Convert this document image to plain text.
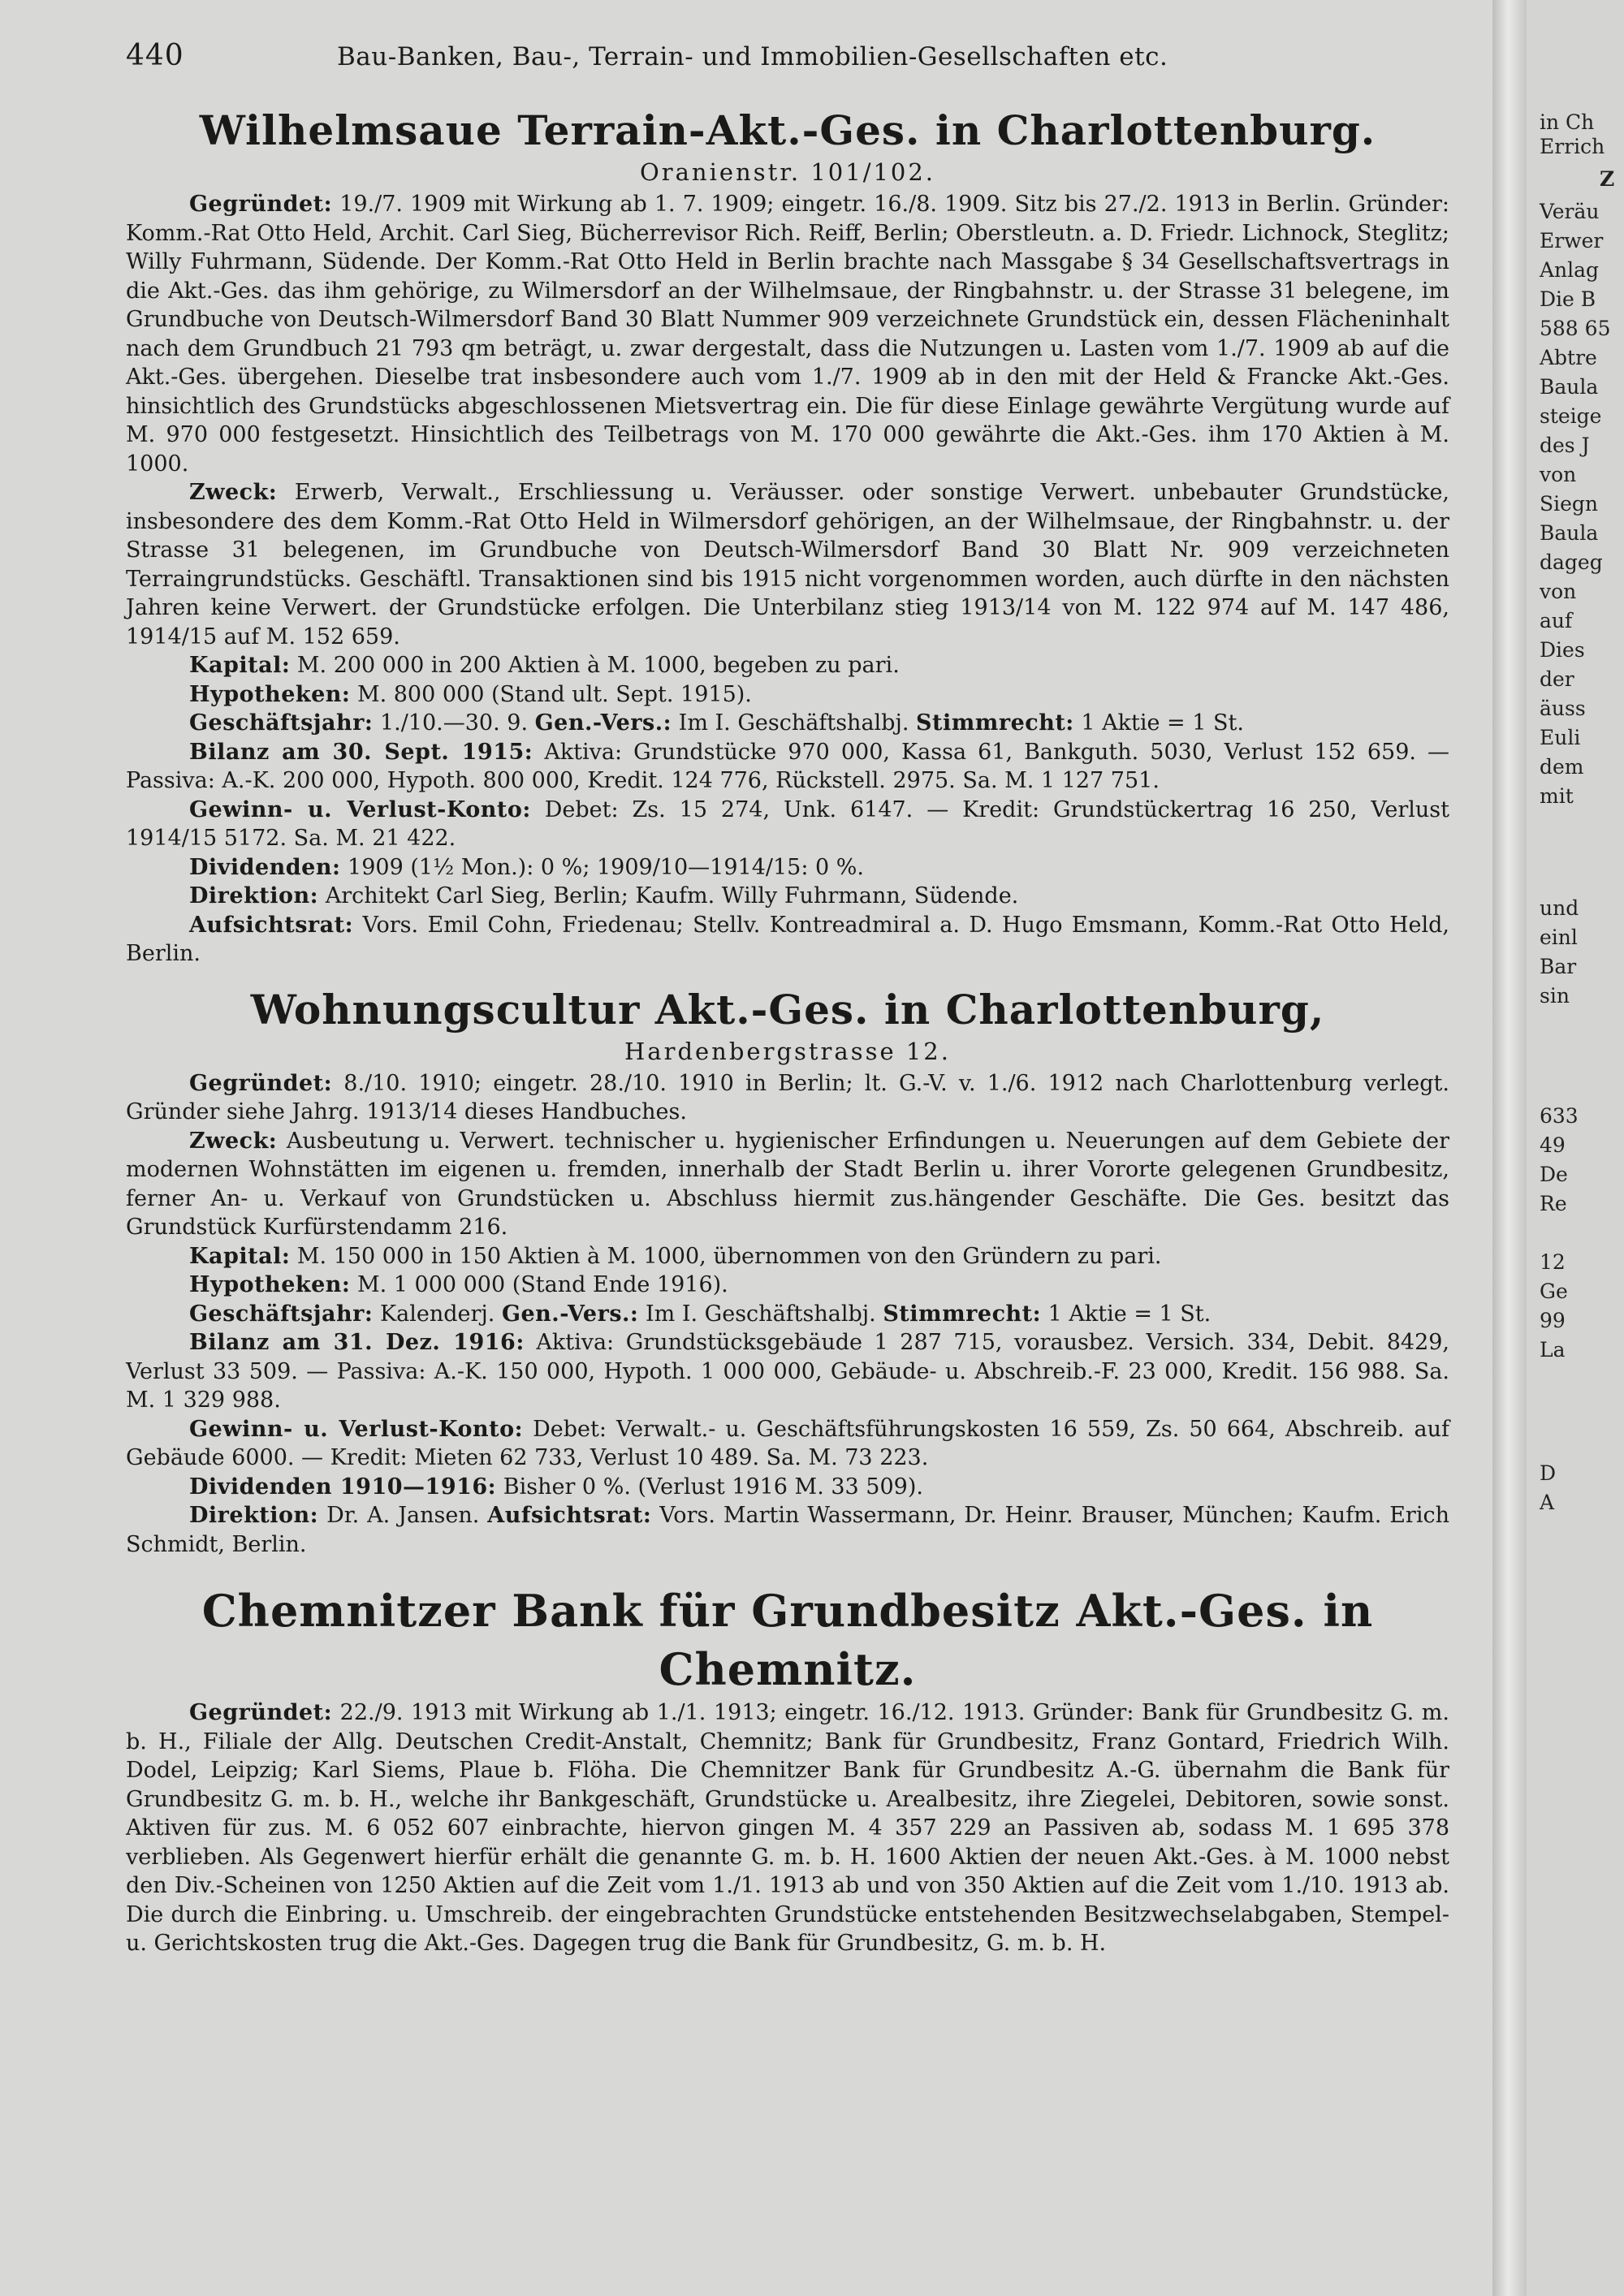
440	Bau-Banken, Bau-, Terrain- und Immobilien-Gesellschaften etc.
Wilhelmsaue Terrain-Akt.-Ges. in Charlottenburg.
Oranienstr. 101/102.

Gegründet: 19./7. 1909 mit Wirkung ab 1. 7. 1909; eingetr. 16./8. 1909. Sitz bis 27./2. 1913 in Berlin. Gründer: Komm.-Rat Otto Held, Archit. Carl Sieg, Bücherrevisor Rich. Reiff, Berlin; Oberstleutn. a. D. Friedr. Lichnock, Steglitz; Willy Fuhrmann, Südende. Der Komm.-Rat Otto Held in Berlin brachte nach Massgabe § 34 Gesellschaftsvertrags in die Akt.-Ges. das ihm gehörige, zu Wilmersdorf an der Wilhelmsaue, der Ringbahnstr. u. der Strasse 31 belegene, im Grundbuche von Deutsch-Wilmersdorf Band 30 Blatt Nummer 909 verzeichnete Grundstück ein, dessen Flächeninhalt nach dem Grundbuch 21 793 qm beträgt, u. zwar dergestalt, dass die Nutzungen u. Lasten vom 1./7. 1909 ab auf die Akt.-Ges. übergehen. Dieselbe trat insbesondere auch vom 1./7. 1909 ab in den mit der Held & Francke Akt.-Ges. hinsichtlich des Grundstücks abgeschlossenen Mietsvertrag ein. Die für diese Einlage gewährte Vergütung wurde auf M. 970 000 festgesetzt. Hinsichtlich des Teilbetrags von M. 170 000 gewährte die Akt.-Ges. ihm 170 Aktien à M. 1000.

Zweck: Erwerb, Verwalt., Erschliessung u. Veräusser. oder sonstige Verwert. unbebauter Grundstücke, insbesondere des dem Komm.-Rat Otto Held in Wilmersdorf gehörigen, an der Wilhelmsaue, der Ringbahnstr. u. der Strasse 31 belegenen, im Grundbuche von Deutsch-Wilmersdorf Band 30 Blatt Nr. 909 verzeichneten Terraingrundstücks. Geschäftl. Transaktionen sind bis 1915 nicht vorgenommen worden, auch dürfte in den nächsten Jahren keine Verwert. der Grundstücke erfolgen. Die Unterbilanz stieg 1913/14 von M. 122 974 auf M. 147 486, 1914/15 auf M. 152 659.

Kapital: M. 200 000 in 200 Aktien à M. 1000, begeben zu pari.

Hypotheken: M. 800 000 (Stand ult. Sept. 1915).

Geschäftsjahr: 1./10.—30. 9. Gen.-Vers.: Im I. Geschäftshalbj. Stimmrecht: 1 Aktie = 1 St.

Bilanz am 30. Sept. 1915: Aktiva: Grundstücke 970 000, Kassa 61, Bankguth. 5030, Verlust 152 659. — Passiva: A.-K. 200 000, Hypoth. 800 000, Kredit. 124 776, Rückstell. 2975. Sa. M. 1 127 751.

Gewinn- u. Verlust-Konto: Debet: Zs. 15 274, Unk. 6147. — Kredit: Grundstückertrag 16 250, Verlust 1914/15 5172. Sa. M. 21 422.

Dividenden: 1909 (1½ Mon.): 0 %; 1909/10—1914/15: 0 %.

Direktion: Architekt Carl Sieg, Berlin; Kaufm. Willy Fuhrmann, Südende.

Aufsichtsrat: Vors. Emil Cohn, Friedenau; Stellv. Kontreadmiral a. D. Hugo Emsmann, Komm.-Rat Otto Held, Berlin.

Wohnungscultur Akt.-Ges. in Charlottenburg,
Hardenbergstrasse 12.

Gegründet: 8./10. 1910; eingetr. 28./10. 1910 in Berlin; lt. G.-V. v. 1./6. 1912 nach Charlottenburg verlegt. Gründer siehe Jahrg. 1913/14 dieses Handbuches.

Zweck: Ausbeutung u. Verwert. technischer u. hygienischer Erfindungen u. Neuerungen auf dem Gebiete der modernen Wohnstätten im eigenen u. fremden, innerhalb der Stadt Berlin u. ihrer Vororte gelegenen Grundbesitz, ferner An- u. Verkauf von Grundstücken u. Abschluss hiermit zus.hängender Geschäfte. Die Ges. besitzt das Grundstück Kurfürstendamm 216.

Kapital: M. 150 000 in 150 Aktien à M. 1000, übernommen von den Gründern zu pari.

Hypotheken: M. 1 000 000 (Stand Ende 1916).

Geschäftsjahr: Kalenderj. Gen.-Vers.: Im I. Geschäftshalbj. Stimmrecht: 1 Aktie = 1 St.

Bilanz am 31. Dez. 1916: Aktiva: Grundstücksgebäude 1 287 715, vorausbez. Versich. 334, Debit. 8429, Verlust 33 509. — Passiva: A.-K. 150 000, Hypoth. 1 000 000, Gebäude- u. Abschreib.-F. 23 000, Kredit. 156 988. Sa. M. 1 329 988.

Gewinn- u. Verlust-Konto: Debet: Verwalt.- u. Geschäftsführungskosten 16 559, Zs. 50 664, Abschreib. auf Gebäude 6000. — Kredit: Mieten 62 733, Verlust 10 489. Sa. M. 73 223.

Dividenden 1910—1916: Bisher 0 %. (Verlust 1916 M. 33 509).

Direktion: Dr. A. Jansen. Aufsichtsrat: Vors. Martin Wassermann, Dr. Heinr. Brauser, München; Kaufm. Erich Schmidt, Berlin.

Chemnitzer Bank für Grundbesitz Akt.-Ges. in Chemnitz.

Gegründet: 22./9. 1913 mit Wirkung ab 1./1. 1913; eingetr. 16./12. 1913. Gründer: Bank für Grundbesitz G. m. b. H., Filiale der Allg. Deutschen Credit-Anstalt, Chemnitz; Bank für Grundbesitz, Franz Gontard, Friedrich Wilh. Dodel, Leipzig; Karl Siems, Plaue b. Flöha. Die Chemnitzer Bank für Grundbesitz A.-G. übernahm die Bank für Grundbesitz G. m. b. H., welche ihr Bankgeschäft, Grundstücke u. Arealbesitz, ihre Ziegelei, Debitoren, sowie sonst. Aktiven für zus. M. 6 052 607 einbrachte, hiervon gingen M. 4 357 229 an Passiven ab, sodass M. 1 695 378 verblieben. Als Gegenwert hierfür erhält die genannte G. m. b. H. 1600 Aktien der neuen Akt.-Ges. à M. 1000 nebst den Div.-Scheinen von 1250 Aktien auf die Zeit vom 1./1. 1913 ab und von 350 Aktien auf die Zeit vom 1./10. 1913 ab. Die durch die Einbring. u. Umschreib. der eingebrachten Grundstücke entstehenden Besitzwechselabgaben, Stempel- u. Gerichtskosten trug die Akt.-Ges. Dagegen trug die Bank für Grundbesitz, G. m. b. H.

in Ch
Errich
Z
Veräu
Erwer
Anlag
Die B
588 65
Abtre
Baula
steige
des J
von
Siegn
Baula
dageg
von
auf
Dies
der
äuss
Euli
dem
mit
und
einl
Bar
sin
633
49
De
Re
12
Ge
99
La
D
A
